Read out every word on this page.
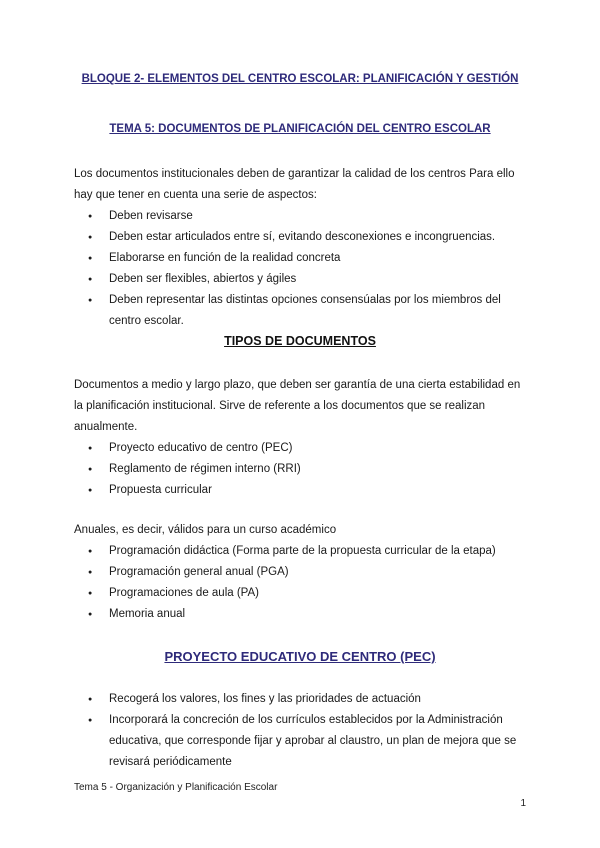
BLOQUE 2- ELEMENTOS DEL CENTRO ESCOLAR: PLANIFICACIÓN Y GESTIÓN
TEMA 5: DOCUMENTOS DE PLANIFICACIÓN DEL CENTRO ESCOLAR

Los documentos institucionales deben de garantizar la calidad de los centros Para ello hay que tener en cuenta una serie de aspectos:

● Deben revisarse
● Deben estar articulados entre sí, evitando desconexiones e incongruencias.
● Elaborarse en función de la realidad concreta
● Deben ser flexibles, abiertos y ágiles
● Deben representar las distintas opciones consensúalas por los miembros del centro escolar.
TIPOS DE DOCUMENTOS

Documentos a medio y largo plazo, que deben ser garantía de una cierta estabilidad en la planificación institucional. Sirve de referente a los documentos que se realizan anualmente.

● Proyecto educativo de centro (PEC)
● Reglamento de régimen interno (RRI)
● Propuesta curricular

Anuales, es decir, válidos para un curso académico

● Programación didáctica (Forma parte de la propuesta curricular de la etapa)
● Programación general anual (PGA)
● Programaciones de aula (PA)
● Memoria anual
PROYECTO EDUCATIVO DE CENTRO (PEC)
● Recogerá los valores, los fines y las prioridades de actuación
● Incorporará la concreción de los currículos establecidos por la Administración educativa, que corresponde fijar y aprobar al claustro, un plan de mejora que se revisará periódicamente

Tema 5 - Organización y Planificación Escolar

1
